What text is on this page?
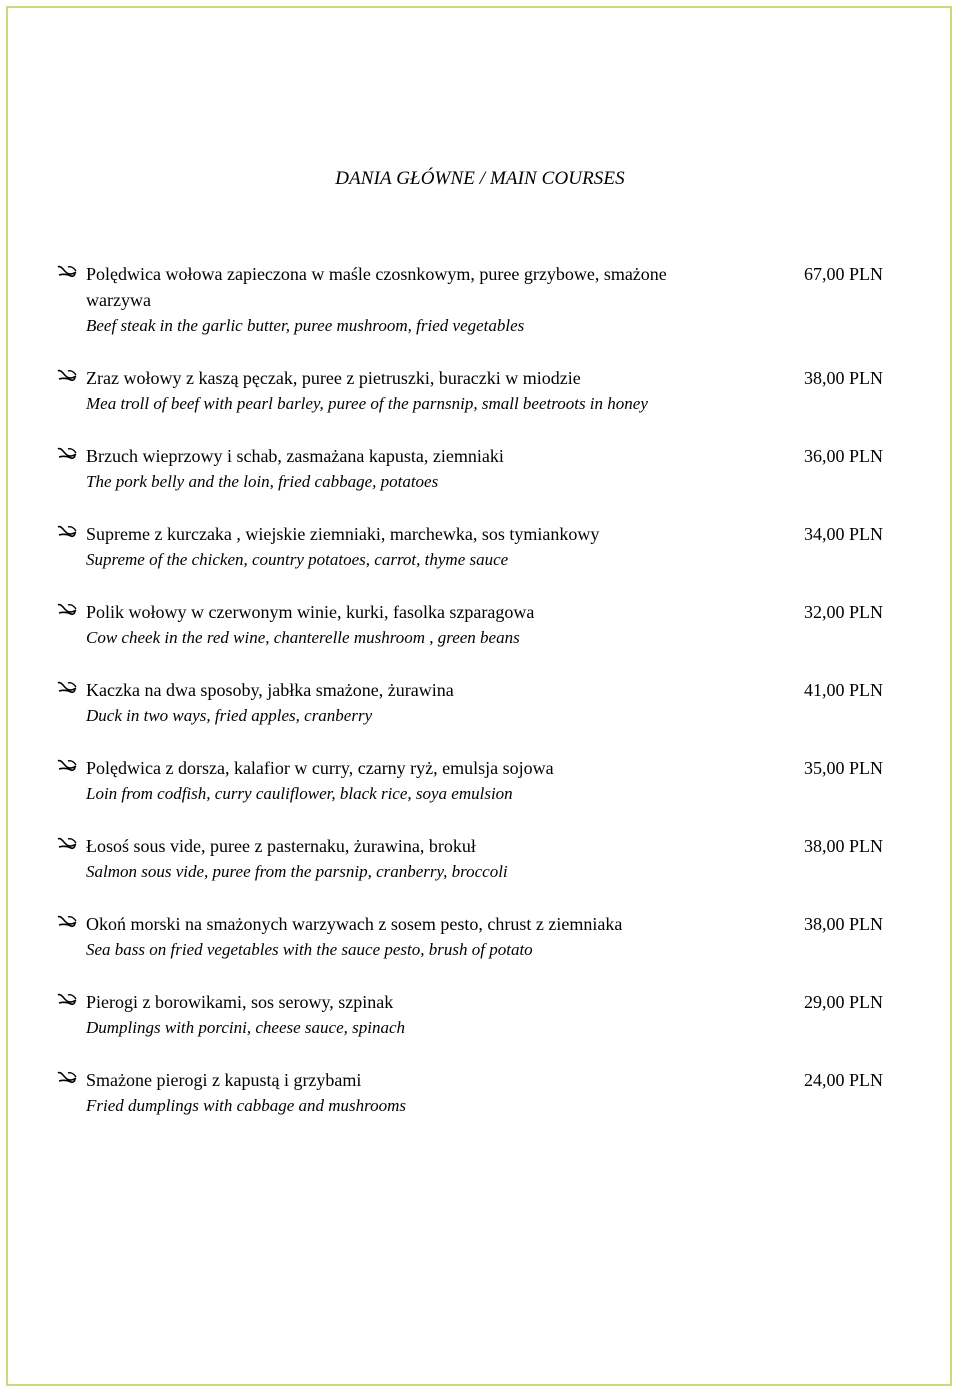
DANIA GŁÓWNE / MAIN COURSES
Polędwica wołowa zapieczona w maśle czosnkowym, puree grzybowe, smażone warzywa
Beef steak in the garlic butter, puree mushroom, fried vegetables
67,00 PLN
Zraz wołowy z kaszą pęczak, puree z pietruszki, buraczki w miodzie
Mea troll of beef with pearl barley, puree of the parnsnip, small beetroots in honey
38,00 PLN
Brzuch wieprzowy i schab, zasmażana kapusta, ziemniaki
The pork belly and the loin, fried cabbage, potatoes
36,00 PLN
Supreme z kurczaka , wiejskie ziemniaki, marchewka, sos tymiankowy
Supreme of the chicken, country potatoes, carrot, thyme sauce
34,00 PLN
Polik wołowy w czerwonym winie, kurki, fasolka szparagowa
Cow cheek in the red wine, chanterelle mushroom , green beans
32,00 PLN
Kaczka na dwa sposoby, jabłka smażone, żurawina
Duck in two ways, fried apples, cranberry
41,00 PLN
Polędwica z dorsza, kalafior w curry, czarny ryż, emulsja sojowa
Loin from codfish, curry cauliflower, black rice, soya emulsion
35,00 PLN
Łosoś sous vide, puree z pasternaku, żurawina, brokuł
Salmon sous vide, puree from the parsnip, cranberry, broccoli
38,00 PLN
Okoń morski na smażonych warzywach z sosem pesto, chrust z ziemniaka
Sea bass on fried vegetables with the sauce pesto, brush of potato
38,00 PLN
Pierogi z borowikami, sos serowy, szpinak
Dumplings with porcini, cheese sauce, spinach
29,00 PLN
Smażone pierogi z kapustą i grzybami
Fried dumplings with cabbage and mushrooms
24,00 PLN
